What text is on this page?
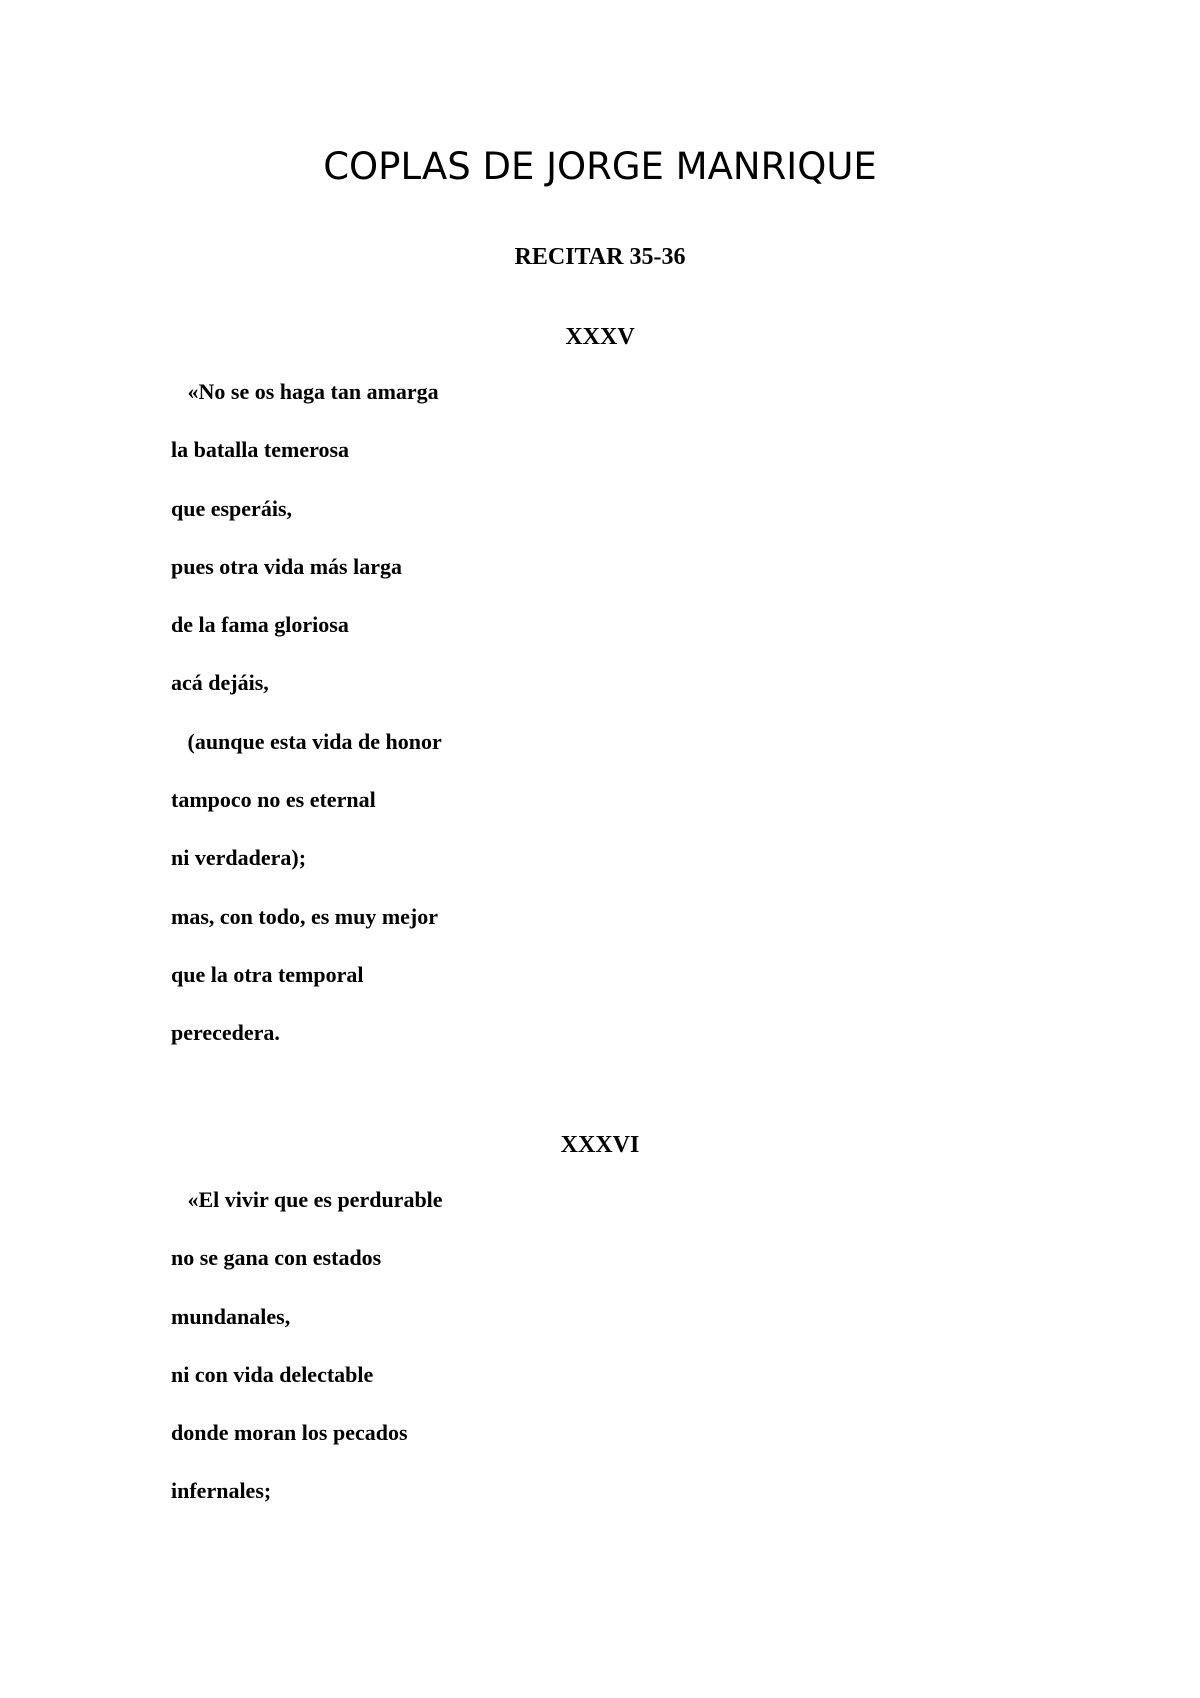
COPLAS DE JORGE MANRIQUE
RECITAR 35-36
XXXV
«No se os haga tan amarga
la batalla temerosa
que esperáis,
pues otra vida más larga
de la fama gloriosa
acá dejáis,
(aunque esta vida de honor
tampoco no es eternal
ni verdadera);
mas, con todo, es muy mejor
que la otra temporal
perecedera.
XXXVI
«El vivir que es perdurable
no se gana con estados
mundanales,
ni con vida delectable
donde moran los pecados
infernales;
